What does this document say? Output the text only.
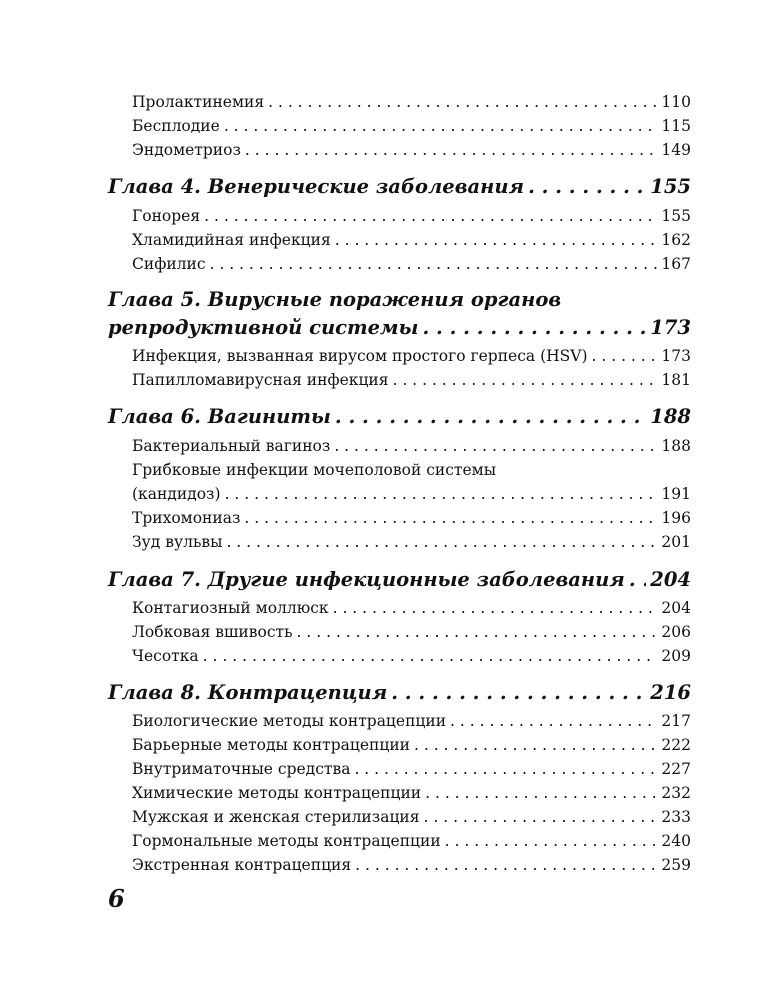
Пролактинемия . . .	110
Бесплодие . . .	115
Эндометриоз . . .	149
Глава 4. Венерические заболевания . . .	155
Гонорея . . .	155
Хламидийная инфекция . . .	162
Сифилис . . .	167
Глава 5. Вирусные поражения органов
репродуктивной системы . . .	173
Инфекция, вызванная вирусом простого герпеса (HSV) . . .	173
Папилломавирусная инфекция . . .	181
Глава 6. Вагиниты . . .	188
Бактериальный вагиноз . . .	188
Грибковые инфекции мочеполовой системы
(кандидоз) . . .	191
Трихомониаз . . .	196
Зуд вульвы . . .	201
Глава 7. Другие инфекционные заболевания . . . 204
Контагиозный моллюск . . .	204
Лобковая вшивость . . .	206
Чесотка . . .	209
Глава 8. Контрацепция . . .	216
Биологические методы контрацепции . . .	217
Барьерные методы контрацепции . . .	222
Внутриматочные средства . . .	227
Химические методы контрацепции . . .	232
Мужская и женская стерилизация . . .	233
Гормональные методы контрацепции . . .	240
Экстренная контрацепция . . .	259
6
